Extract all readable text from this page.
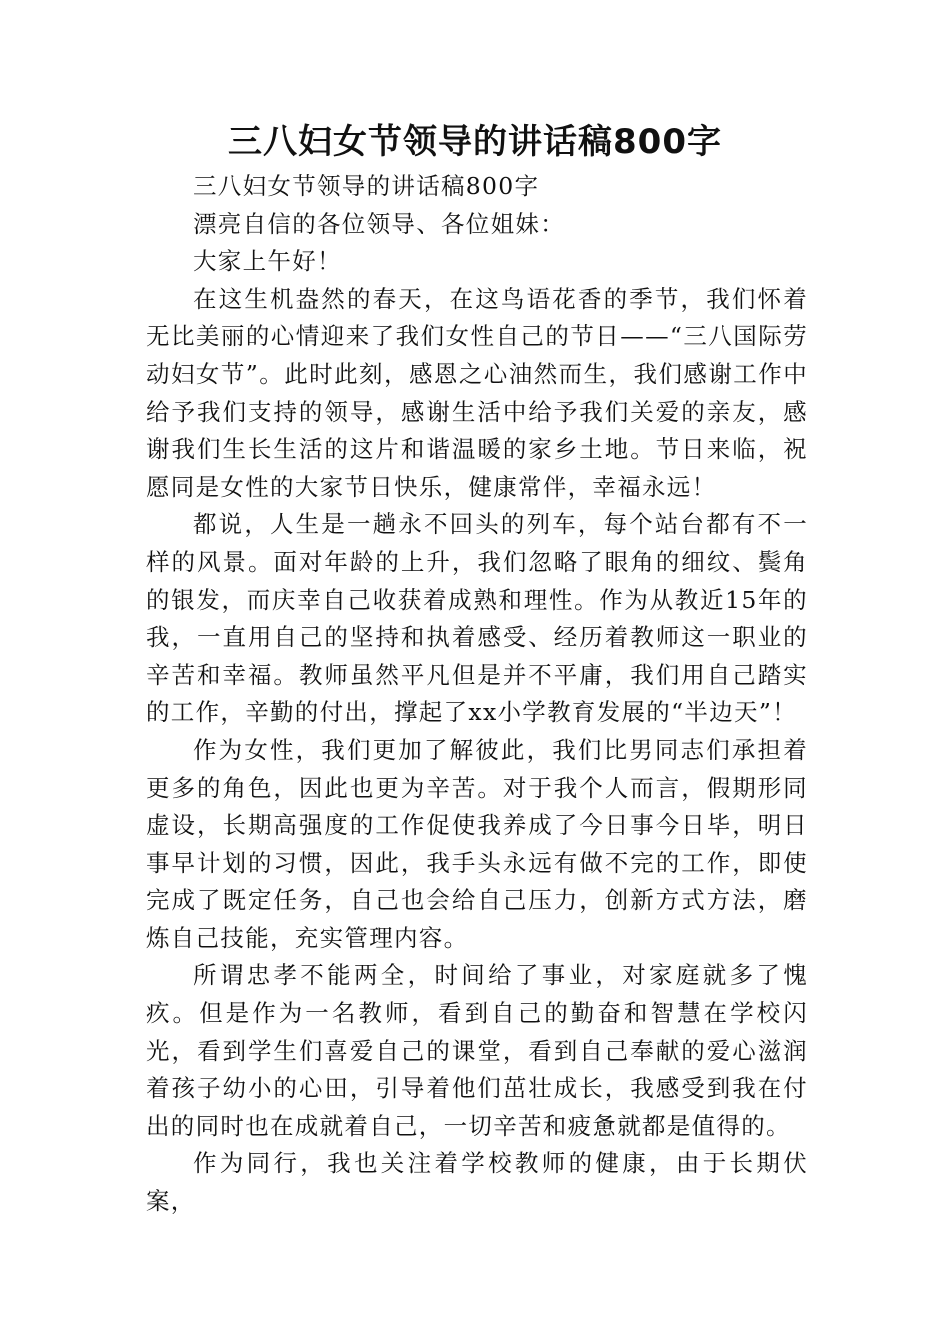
三八妇女节领导的讲话稿800字

三八妇女节领导的讲话稿800字

漂亮自信的各位领导、各位姐妹：

大家上午好！

在这生机盎然的春天，在这鸟语花香的季节，我们怀着无比美丽的心情迎来了我们女性自己的节日——“三八国际劳动妇女节”。此时此刻，感恩之心油然而生，我们感谢工作中给予我们支持的领导，感谢生活中给予我们关爱的亲友，感谢我们生长生活的这片和谐温暖的家乡土地。节日来临，祝愿同是女性的大家节日快乐，健康常伴，幸福永远！

都说，人生是一趟永不回头的列车，每个站台都有不一样的风景。面对年龄的上升，我们忽略了眼角的细纹、鬓角的银发，而庆幸自己收获着成熟和理性。作为从教近15年的我，一直用自己的坚持和执着感受、经历着教师这一职业的辛苦和幸福。教师虽然平凡但是并不平庸，我们用自己踏实的工作，辛勤的付出，撑起了xx小学教育发展的“半边天”！

作为女性，我们更加了解彼此，我们比男同志们承担着更多的角色，因此也更为辛苦。对于我个人而言，假期形同虚设，长期高强度的工作促使我养成了今日事今日毕，明日事早计划的习惯，因此，我手头永远有做不完的工作，即使完成了既定任务，自己也会给自己压力，创新方式方法，磨炼自己技能，充实管理内容。

所谓忠孝不能两全，时间给了事业，对家庭就多了愧疚。但是作为一名教师，看到自己的勤奋和智慧在学校闪光，看到学生们喜爱自己的课堂，看到自己奉献的爱心滋润着孩子幼小的心田，引导着他们茁壮成长，我感受到我在付出的同时也在成就着自己，一切辛苦和疲惫就都是值得的。

作为同行，我也关注着学校教师的健康，由于长期伏案，
